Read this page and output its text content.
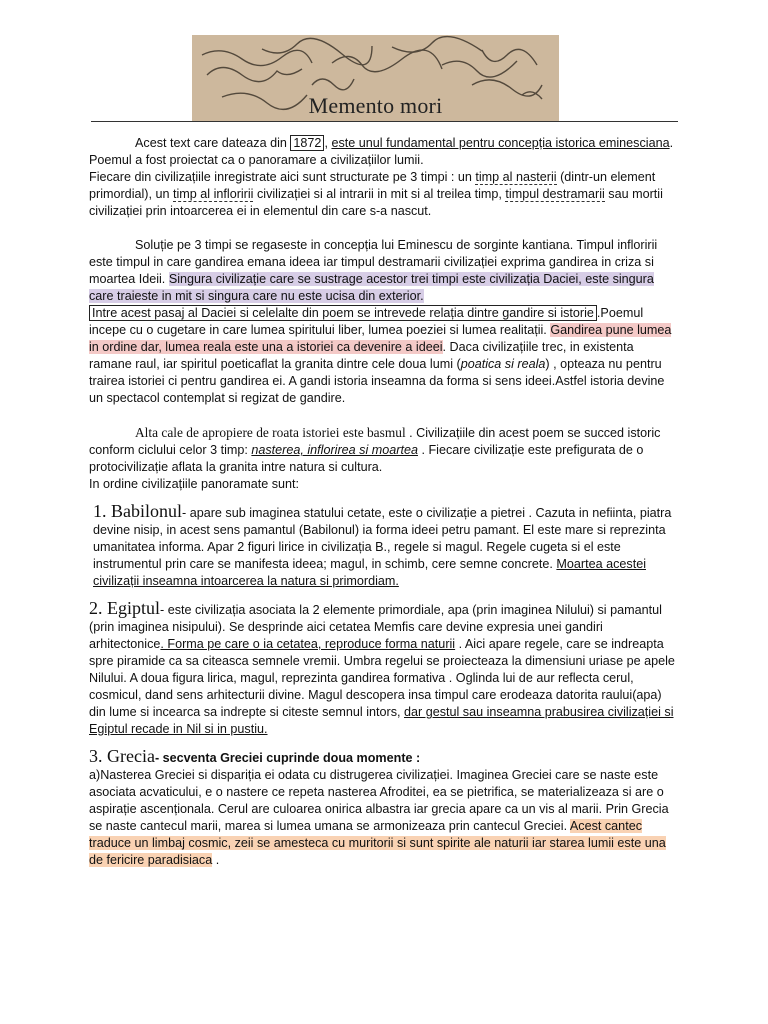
Memento mori

Acest text care dateaza din 1872 , este unul fundamental pentru concepția istorica eminesciana.

Poemul a fost proiectat ca o panoramare a civilizațiilor lumii.

Fiecare din civilizațiile inregistrate aici sunt structurate pe 3 timpi : un timp al nasterii (dintr-un element primordial), un timp al infloririi civilizației si al intrarii in mit si al treilea timp, timpul destramarii sau mortii civilizației prin intoarcerea ei in elementul din care s-a nascut.

Soluție pe 3 timpi se regaseste in concepția lui Eminescu de sorginte kantiana. Timpul infloririi este timpul in care gandirea emana ideea iar timpul destramarii civilizației exprima gandirea in criza si moartea Ideii. Singura civilizație care se sustrage acestor trei timpi este civilizația Daciei, este singura care traieste in mit si singura care nu este ucisa din exterior.

Intre acest pasaj al Daciei si celelalte din poem se intrevede relația dintre gandire si istorie .Poemul incepe cu o cugetare in care lumea spiritului liber, lumea poeziei si lumea realitații. Gandirea pune lumea in ordine dar, lumea reala este una a istoriei ca devenire a ideei. Daca civilizațiile trec, in existenta ramane raul, iar spiritul poeticaflat la granita dintre cele doua lumi (poatica si reala) , opteaza nu pentru trairea istoriei ci pentru gandirea ei. A gandi istoria inseamna da forma si sens ideei.Astfel istoria devine un spectacol contemplat si regizat de gandire.

Alta cale de apropiere de roata istoriei este basmul . Civilizațiile din acest poem se succed istoric conform ciclului celor 3 timp: nasterea, inflorirea si moartea . Fiecare civilizație este prefigurata de o protocivilizație aflata la granita intre natura si cultura.

In ordine civilizațiile panoramate sunt:

1. Babilonul- apare sub imaginea statului cetate, este o civilizație a pietrei . Cazuta in nefiinta, piatra devine nisip, in acest sens pamantul (Babilonul) ia forma ideei petru pamant. El este mare si reprezinta umanitatea informa. Apar 2 figuri lirice in civilizația B., regele si magul. Regele cugeta si el este instrumentul prin care se manifesta ideea; magul, in schimb, cere semne concrete. Moartea acestei civilizații inseamna intoarcerea la natura si primordiam.

2. Egiptul- este civilizația asociata la 2 elemente primordiale, apa (prin imaginea Nilului) si pamantul (prin imaginea nisipului). Se desprinde aici cetatea Memfis care devine expresia unei gandiri arhitectonice. Forma pe care o ia cetatea, reproduce forma naturii . Aici apare regele, care se indreapta spre piramide ca sa citeasca semnele vremii. Umbra regelui se proiecteaza la dimensiuni uriase pe apele Nilului. A doua figura lirica, magul, reprezinta gandirea formativa . Oglinda lui de aur reflecta cerul, cosmicul, dand sens arhitecturii divine. Magul descopera insa timpul care erodeaza datorita raului(apa) din lume si incearca sa indrepte si citeste semnul intors, dar gestul sau inseamna prabusirea civilizației si Egiptul recade in Nil si in pustiu.

3. Grecia- secventa Greciei cuprinde doua momente :

a)Nasterea Greciei si dispariția ei odata cu distrugerea civilizației. Imaginea Greciei care se naste este asociata acvaticului, e o nastere ce repeta nasterea Afroditei, ea se pietrifica, se materializeaza si are o aspirație ascenționala. Cerul are culoarea onirica albastra iar grecia apare ca un vis al marii. Prin Grecia se naste cantecul marii, marea si lumea umana se armonizeaza prin cantecul Greciei. Acest cantec traduce un limbaj cosmic, zeii se amesteca cu muritorii si sunt spirite ale naturii iar starea lumii este una de fericire paradisiaca .
